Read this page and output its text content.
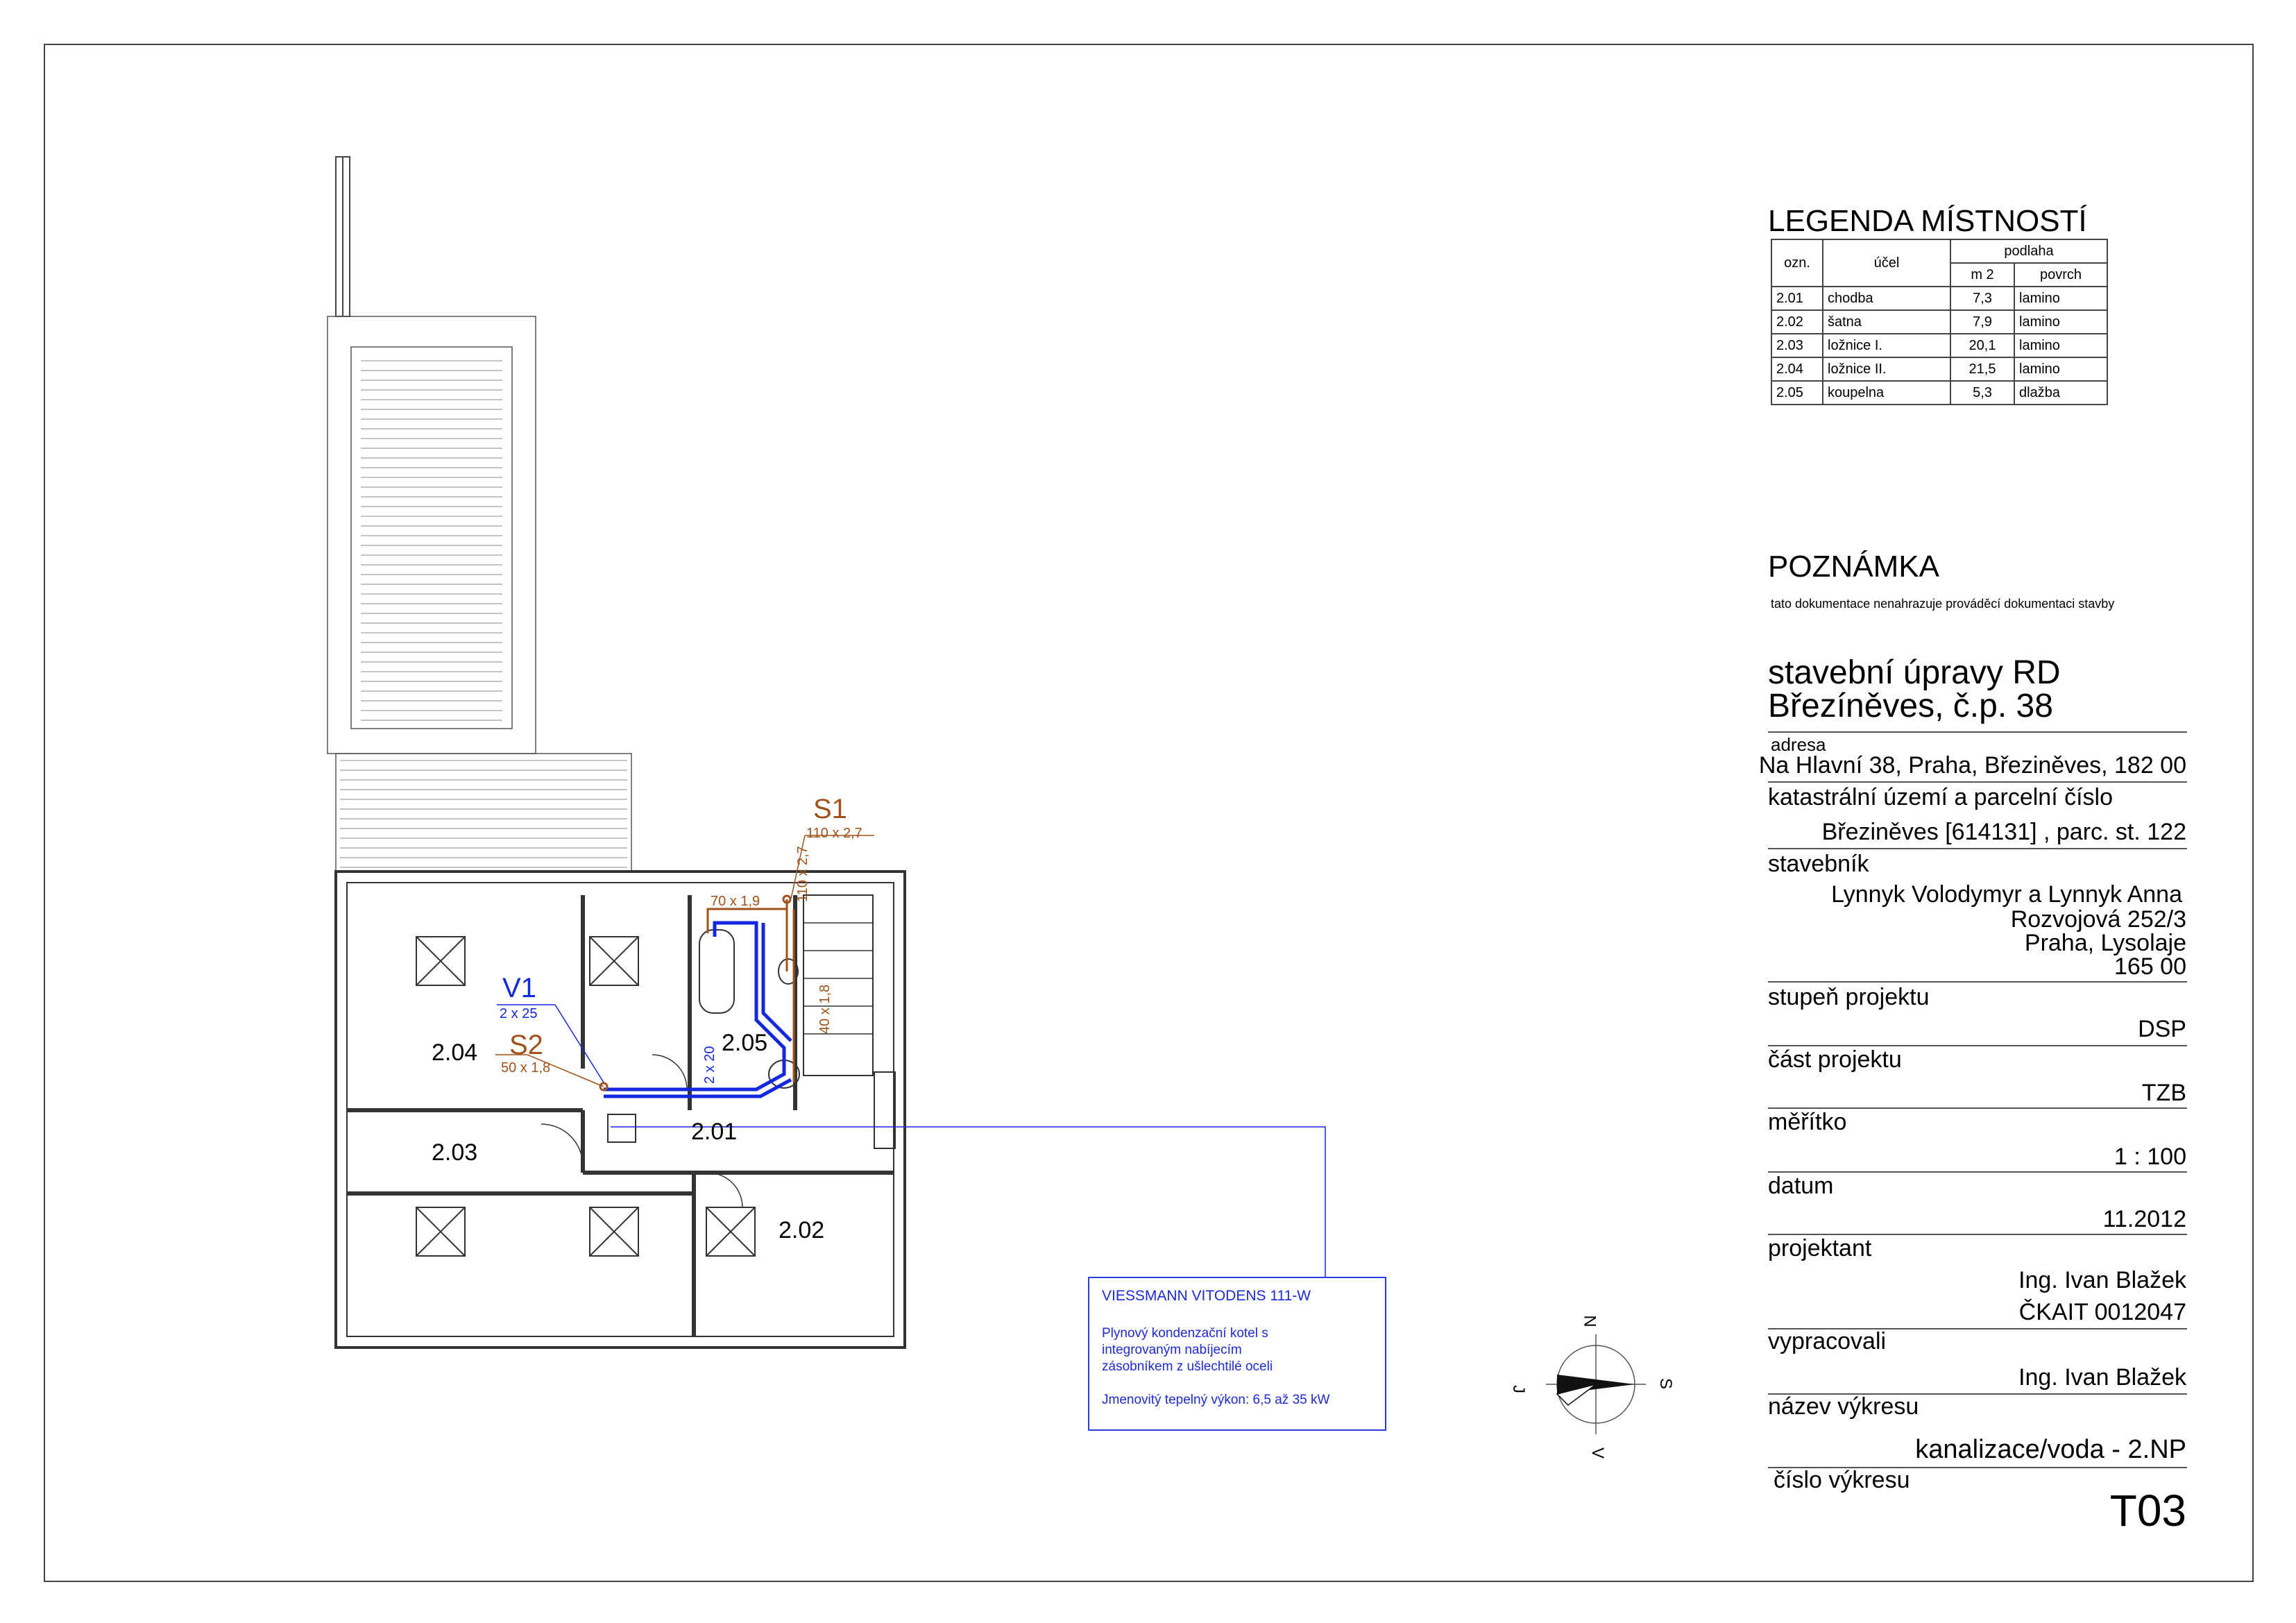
2.04
2.03
2.01
2.02
2.05
S1
110 x 2,7
S2
50 x 1,8
V1
2 x 25
70 x 1,9	110 x 2,7
40 x 1,8
2 x 20
N
S
J
V
VIESSMANN VITODENS 111-W
Plynový kondenzační kotel s
integrovaným nabíjecím
zásobníkem z ušlechtilé oceli
Jmenovitý tepelný výkon: 6,5 až 35 kW
LEGENDA MÍSTNOSTÍ
ozn.	účel	podlaha	
		m 2	povrch
2.01	chodba	7,3	lamino
2.02	šatna	7,9	lamino
2.03	ložnice I.	20,1	lamino
2.04	ložnice II.	21,5	lamino
2.05	koupelna	5,3	dlažba
POZNÁMKA
tato dokumentace nenahrazuje prováděcí dokumentaci stavby
stavební úpravy RD
Březíněves, č.p. 38
adresa
Na Hlavní 38, Praha, Březiněves, 182 00
katastrální území a parcelní číslo
Březiněves [614131] , parc. st. 122
stavebník
Lynnyk Volodymyr a Lynnyk Anna
Rozvojová 252/3
Praha, Lysolaje
165 00
stupeň projektu
DSP
část projektu
TZB
měřítko
1 : 100
datum
11.2012
projektant
Ing. Ivan Blažek
ČKAIT 0012047
vypracovali
Ing. Ivan Blažek
název výkresu
kanalizace/voda - 2.NP
číslo výkresu
T03
